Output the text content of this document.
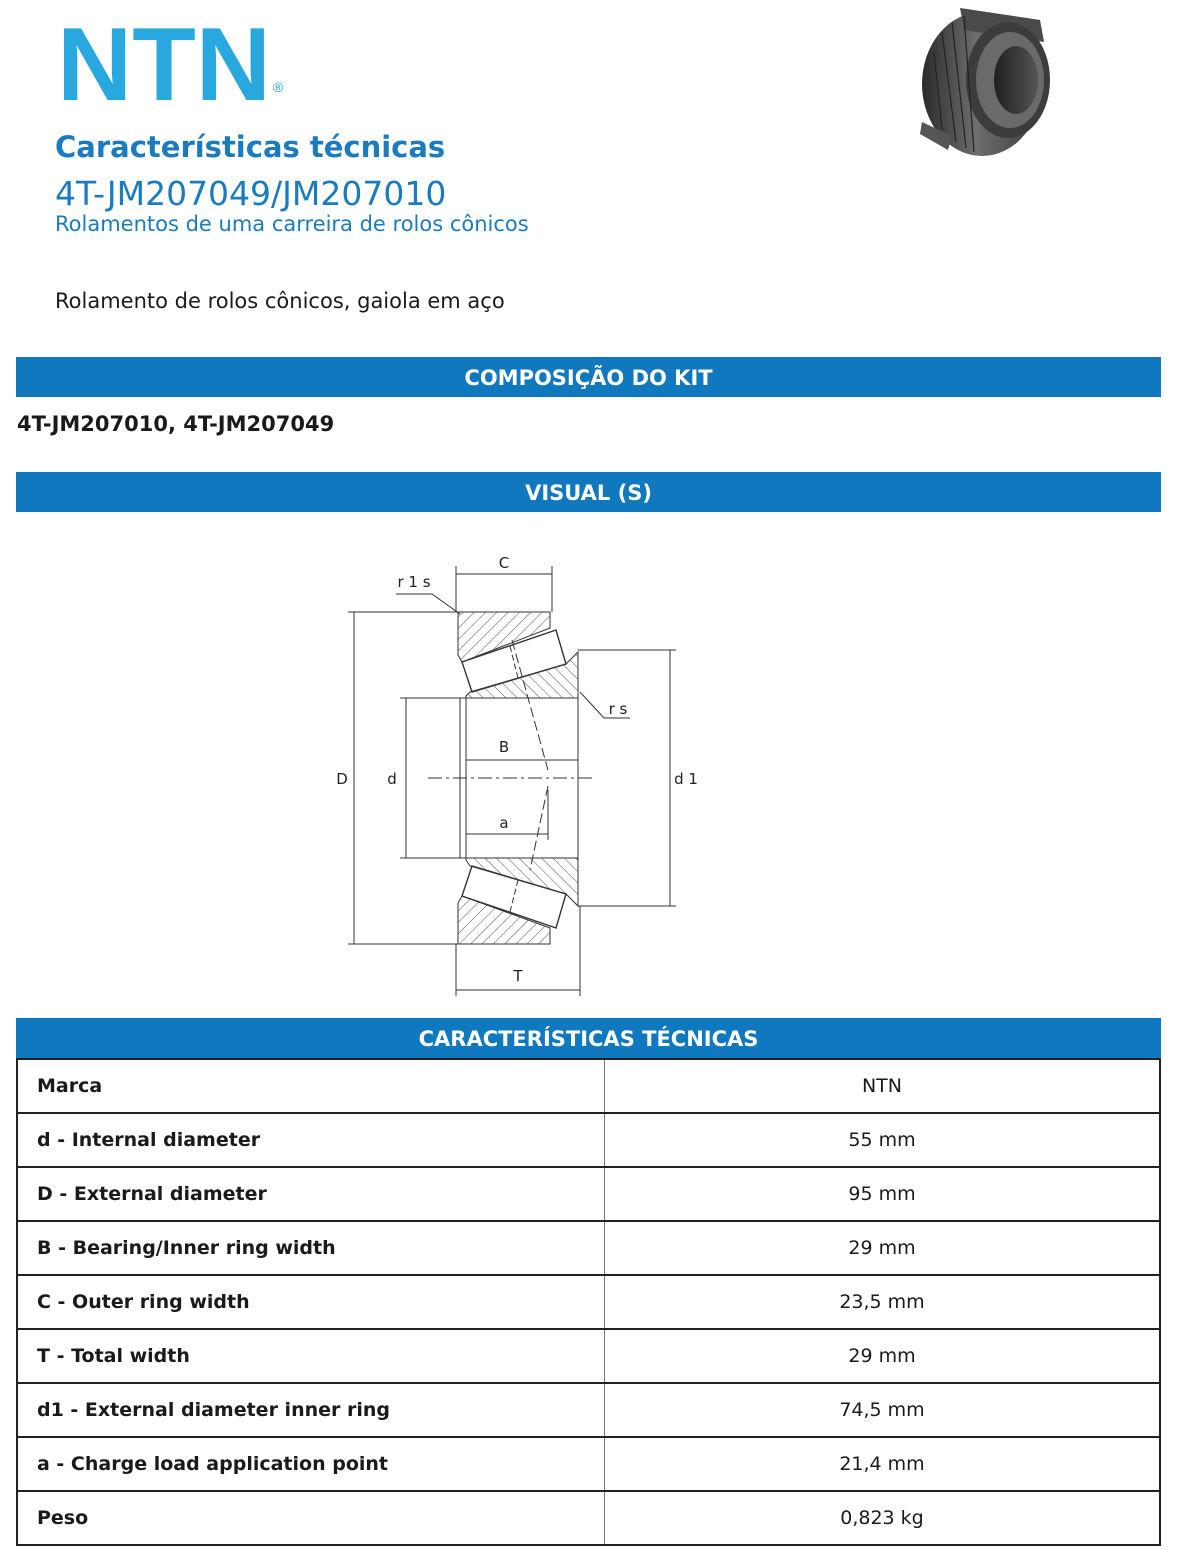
NTN ®
Características técnicas
4T-JM207049/JM207010
Rolamentos de uma carreira de rolos cônicos
Rolamento de rolos cônicos, gaiola em aço
COMPOSIÇÃO DO KIT
4T-JM207010, 4T-JM207049
VISUAL (S)
C
r 1 s
r s
B
D	d	d 1
a
T
CARACTERÍSTICAS TÉCNICAS
Marca	NTN
d - Internal diameter	55 mm
D - External diameter	95 mm
B - Bearing/Inner ring width	29 mm
C - Outer ring width	23,5 mm
T - Total width	29 mm
d1 - External diameter inner ring	74,5 mm
a - Charge load application point	21,4 mm
Peso	0,823 kg
